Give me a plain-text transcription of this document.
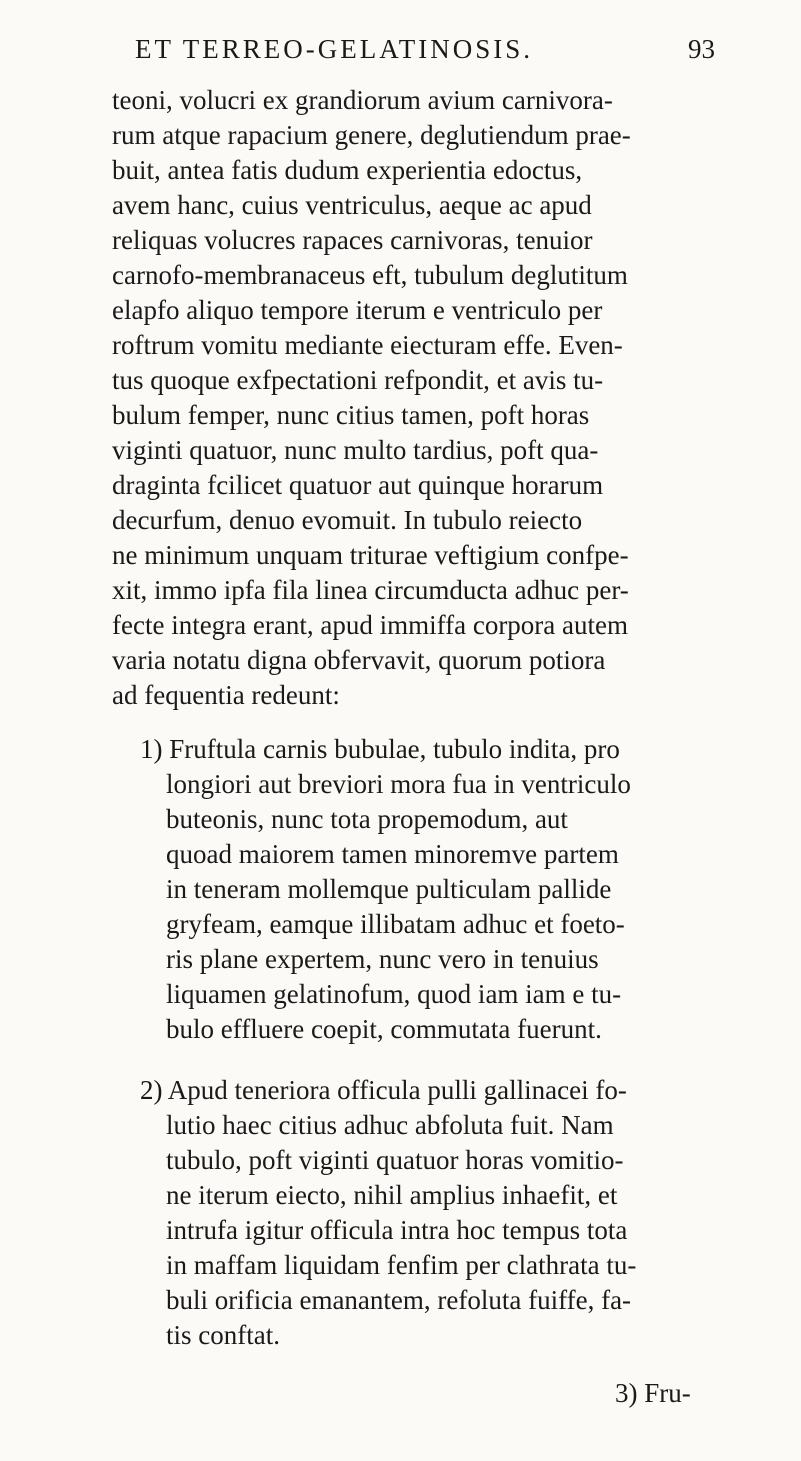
ET TERREO-GELATINOSIS.	93
teoni, volucri ex grandiorum avium carnivora-
rum atque rapacium genere, deglutiendum prae-
buit, antea fatis dudum experientia edoctus,
avem hanc, cuius ventriculus, aeque ac apud
reliquas volucres rapaces carnivoras, tenuior
carnofo-membranaceus eft, tubulum deglutitum
elapfo aliquo tempore iterum e ventriculo per
roftrum vomitu mediante eiecturam effe. Even-
tus quoque exfpectationi refpondit, et avis tu-
bulum femper, nunc citius tamen, poft horas
viginti quatuor, nunc multo tardius, poft qua-
draginta fcilicet quatuor aut quinque horarum
decurfum, denuo evomuit. In tubulo reiecto
ne minimum unquam triturae veftigium confpe-
xit, immo ipfa fila linea circumducta adhuc per-
fecte integra erant, apud immiffa corpora autem
varia notatu digna obfervavit, quorum potiora
ad fequentia redeunt:
1) Fruftula carnis bubulae, tubulo indita, pro
longiori aut breviori mora fua in ventriculo
buteonis, nunc tota propemodum, aut
quoad maiorem tamen minoremve partem
in teneram mollemque pulticulam pallide
gryfeam, eamque illibatam adhuc et foeto-
ris plane expertem, nunc vero in tenuius
liquamen gelatinofum, quod iam iam e tu-
bulo effluere coepit, commutata fuerunt.
2) Apud teneriora officula pulli gallinacei fo-
lutio haec citius adhuc abfoluta fuit. Nam
tubulo, poft viginti quatuor horas vomitio-
ne iterum eiecto, nihil amplius inhaefit, et
intrufa igitur officula intra hoc tempus tota
in maffam liquidam fenfim per clathrata tu-
buli orificia emanantem, refoluta fuiffe, fa-
tis conftat.
3) Fru-
